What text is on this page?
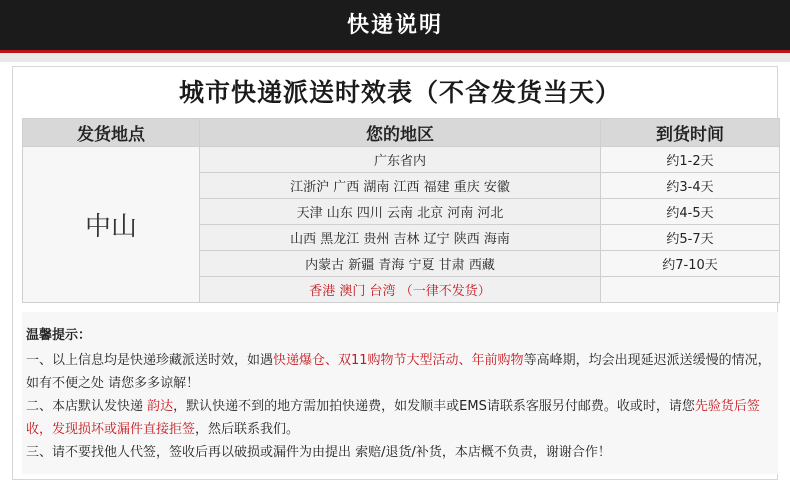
快递说明
城市快递派送时效表（不含发货当天）
发货地点	您的地区	到货时间
中山	广东省内	约1-2天
	江浙沪 广西 湖南 江西 福建 重庆 安徽	约3-4天
	天津 山东 四川 云南 北京 河南 河北	约4-5天
	山西 黑龙江 贵州 吉林 辽宁 陕西 海南	约5-7天
	内蒙古 新疆 青海 宁夏 甘肃 西藏	约7-10天
	香港 澳门 台湾 （一律不发货）	
温馨提示：
一、以上信息均是快递珍藏派送时效，如遇快递爆仓、双11购物节大型活动、年前购物等高峰期，均会出现延迟派送缓慢的情况，如有不便之处 请您多多谅解！
二、本店默认发快递 韵达，默认快递不到的地方需加拍快递费，如发顺丰或EMS请联系客服另付邮费。收或时，请您先验货后签收，发现损坏或漏件直接拒签，然后联系我们。
三、请不要找他人代签，签收后再以破损或漏件为由提出 索赔/退货/补货，本店概不负责，谢谢合作！
